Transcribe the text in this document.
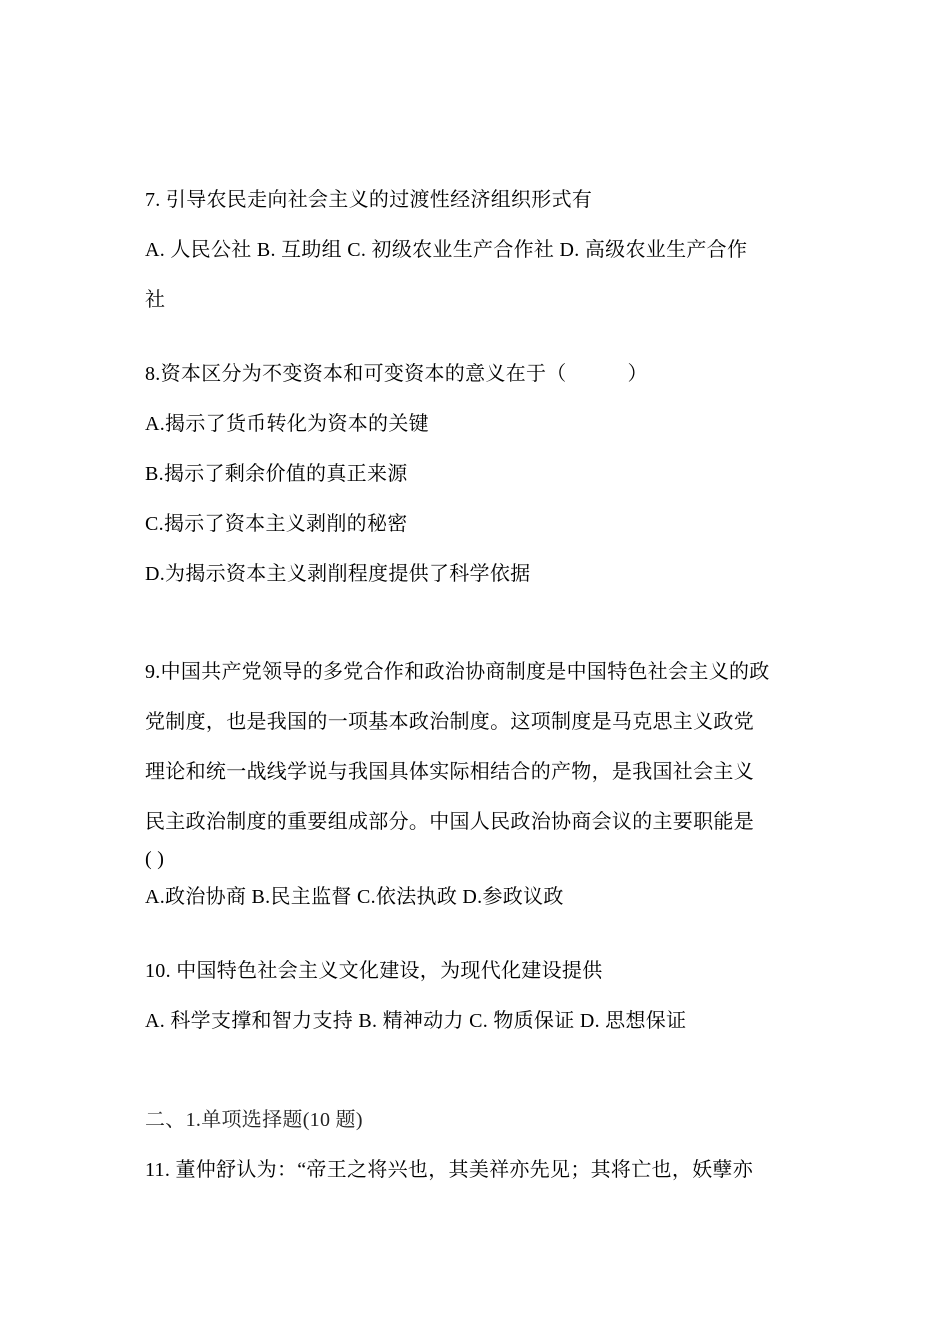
7. 引导农民走向社会主义的过渡性经济组织形式有
A. 人民公社 B. 互助组 C. 初级农业生产合作社 D. 高级农业生产合作
社
8.资本区分为不变资本和可变资本的意义在于（　　　）
A.揭示了货币转化为资本的关键
B.揭示了剩余价值的真正来源
C.揭示了资本主义剥削的秘密
D.为揭示资本主义剥削程度提供了科学依据
9.中国共产党领导的多党合作和政治协商制度是中国特色社会主义的政
党制度，也是我国的一项基本政治制度。这项制度是马克思主义政党
理论和统一战线学说与我国具体实际相结合的产物，是我国社会主义
民主政治制度的重要组成部分。中国人民政治协商会议的主要职能是
( )
A.政治协商 B.民主监督 C.依法执政 D.参政议政
10. 中国特色社会主义文化建设，为现代化建设提供
A. 科学支撑和智力支持 B. 精神动力 C. 物质保证 D. 思想保证
二、1.单项选择题(10 题)
11. 董仲舒认为：“帝王之将兴也，其美祥亦先见；其将亡也，妖孽亦
